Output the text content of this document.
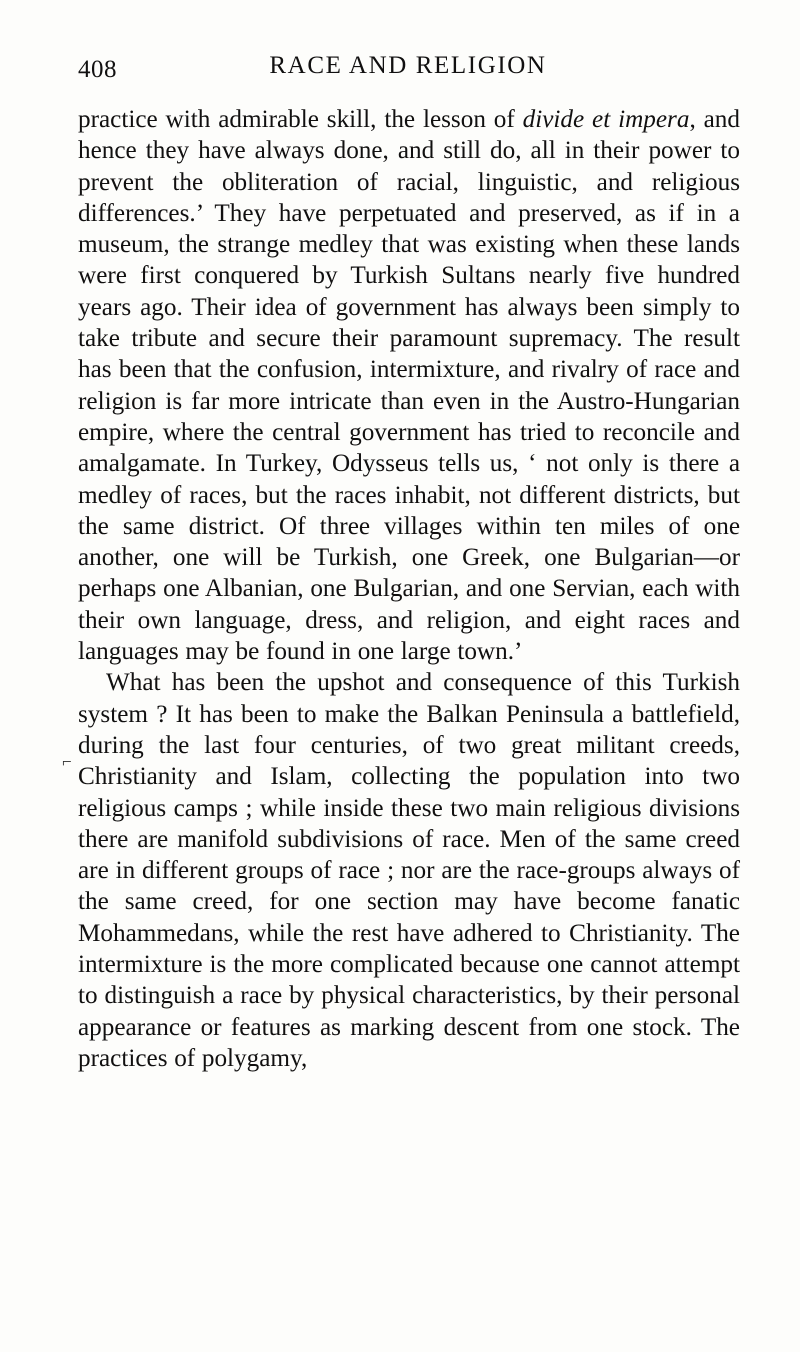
408	RACE AND RELIGION

practice with admirable skill, the lesson of divide et impera, and hence they have always done, and still do, all in their power to prevent the obliteration of racial, linguistic, and religious differences.’ They have perpetuated and preserved, as if in a museum, the strange medley that was existing when these lands were first conquered by Turkish Sultans nearly five hundred years ago. Their idea of government has always been simply to take tribute and secure their paramount supremacy. The result has been that the confusion, intermixture, and rivalry of race and religion is far more intricate than even in the Austro-Hungarian empire, where the central government has tried to reconcile and amalgamate. In Turkey, Odysseus tells us, ‘ not only is there a medley of races, but the races inhabit, not different districts, but the same district. Of three villages within ten miles of one another, one will be Turkish, one Greek, one Bulgarian—or perhaps one Albanian, one Bulgarian, and one Servian, each with their own language, dress, and religion, and eight races and languages may be found in one large town.’

What has been the upshot and consequence of this Turkish system ? It has been to make the Balkan Peninsula a battlefield, during the last four centuries, of two great militant creeds, Christianity and Islam, collecting the population into two religious camps ; while inside these two main religious divisions there are manifold subdivisions of race. Men of the same creed are in different groups of race ; nor are the race-groups always of the same creed, for one section may have become fanatic Mohammedans, while the rest have adhered to Christianity. The intermixture is the more complicated because one cannot attempt to distinguish a race by physical characteristics, by their personal appearance or features as marking descent from one stock. The practices of polygamy,

⌐
